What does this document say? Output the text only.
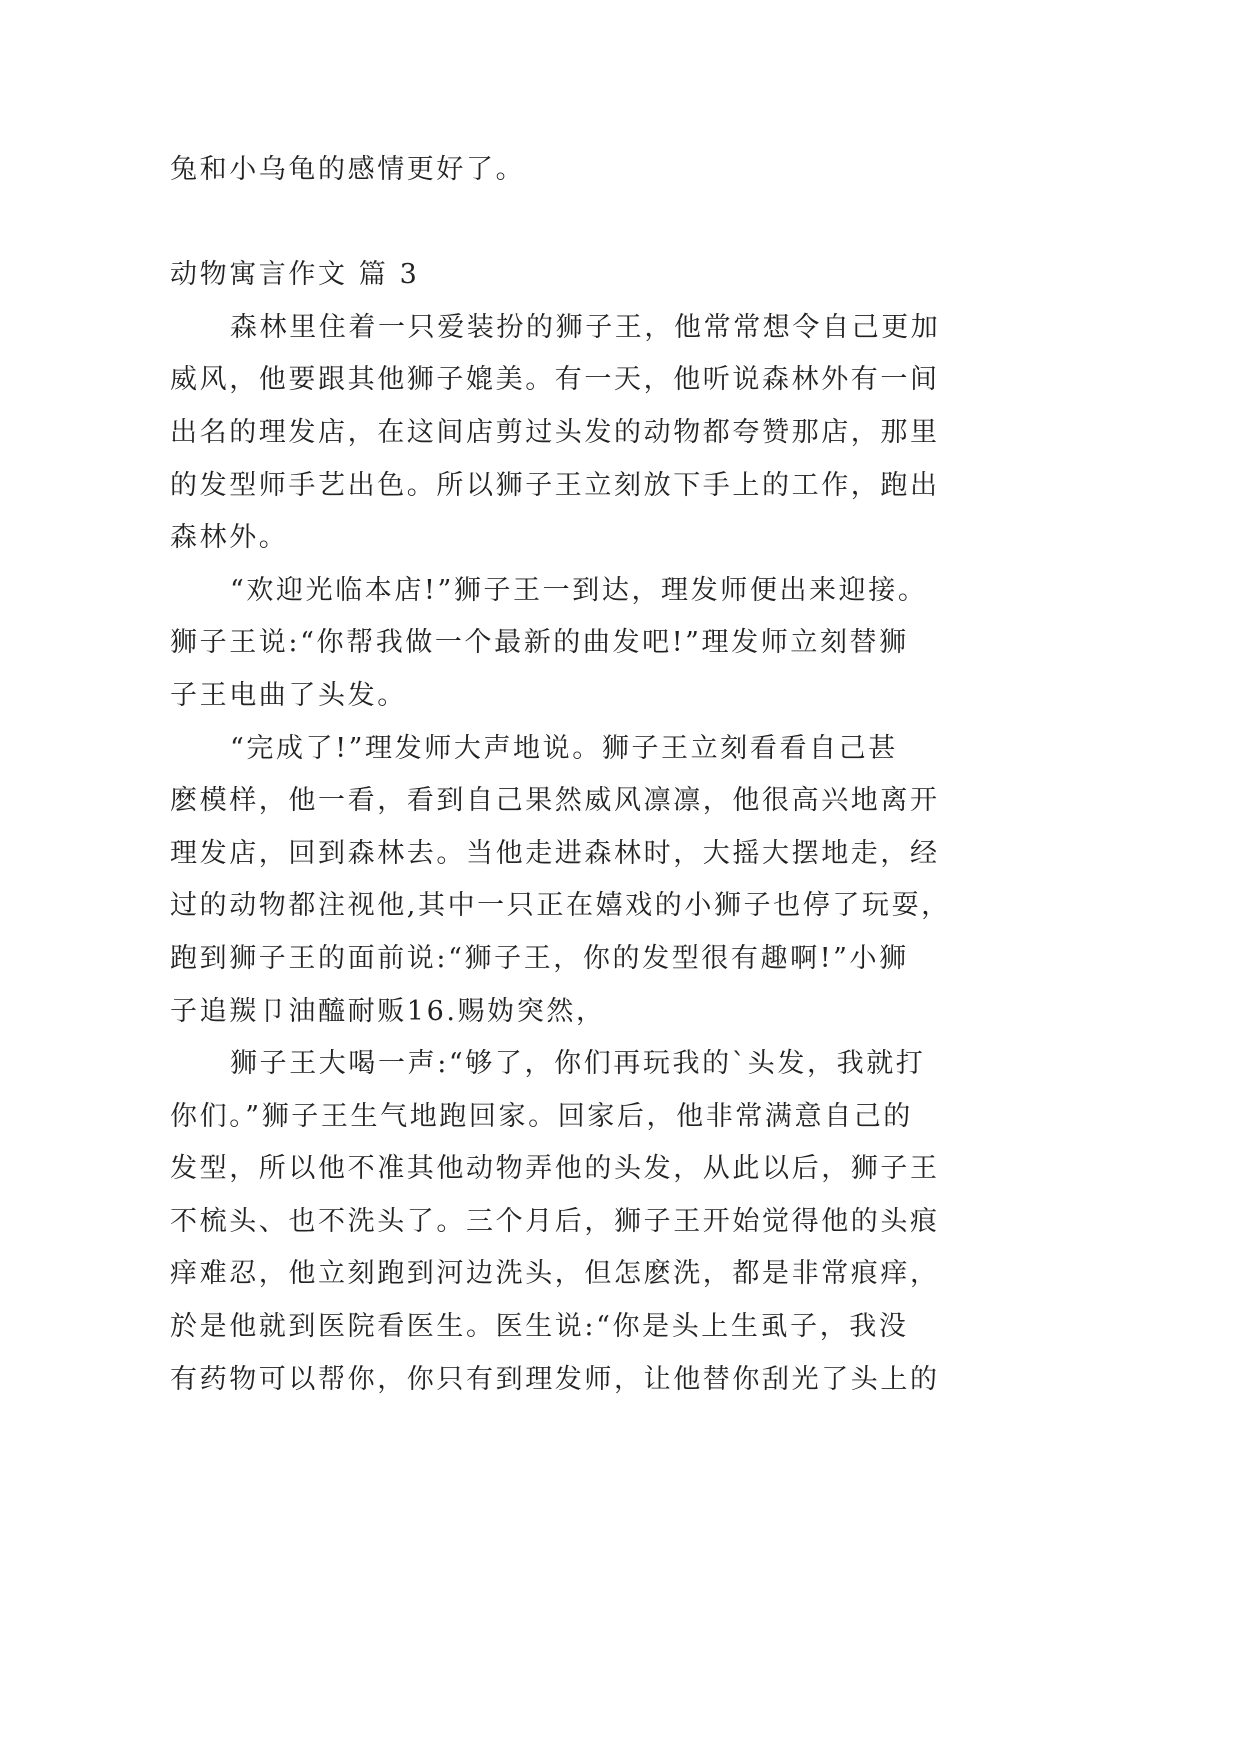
兔和小乌龟的感情更好了。
动物寓言作文 篇 3
森林里住着一只爱装扮的狮子王，他常常想令自己更加
威风，他要跟其他狮子媲美。有一天，他听说森林外有一间
出名的理发店，在这间店剪过头发的动物都夸赞那店，那里
的发型师手艺出色。所以狮子王立刻放下手上的工作，跑出
森林外。
“欢迎光临本店!”狮子王一到达，理发师便出来迎接。
狮子王说:“你帮我做一个最新的曲发吧!”理发师立刻替狮
子王电曲了头发。
“完成了!”理发师大声地说。狮子王立刻看看自己甚
麽模样，他一看，看到自己果然威风凛凛，他很高兴地离开
理发店，回到森林去。当他走进森林时，大摇大摆地走，经
过的动物都注视他,其中一只正在嬉戏的小狮子也停了玩耍，
跑到狮子王的面前说:“狮子王，你的发型很有趣啊!”小狮
子追羰卩油醯耐贩16.赐妫突然，
狮子王大喝一声:“够了，你们再玩我的`头发，我就打
你们。”狮子王生气地跑回家。回家后，他非常满意自己的
发型，所以他不准其他动物弄他的头发，从此以后，狮子王
不梳头、也不洗头了。三个月后，狮子王开始觉得他的头痕
痒难忍，他立刻跑到河边洗头，但怎麽洗，都是非常痕痒，
於是他就到医院看医生。医生说:“你是头上生虱子，我没
有药物可以帮你，你只有到理发师，让他替你刮光了头上的
